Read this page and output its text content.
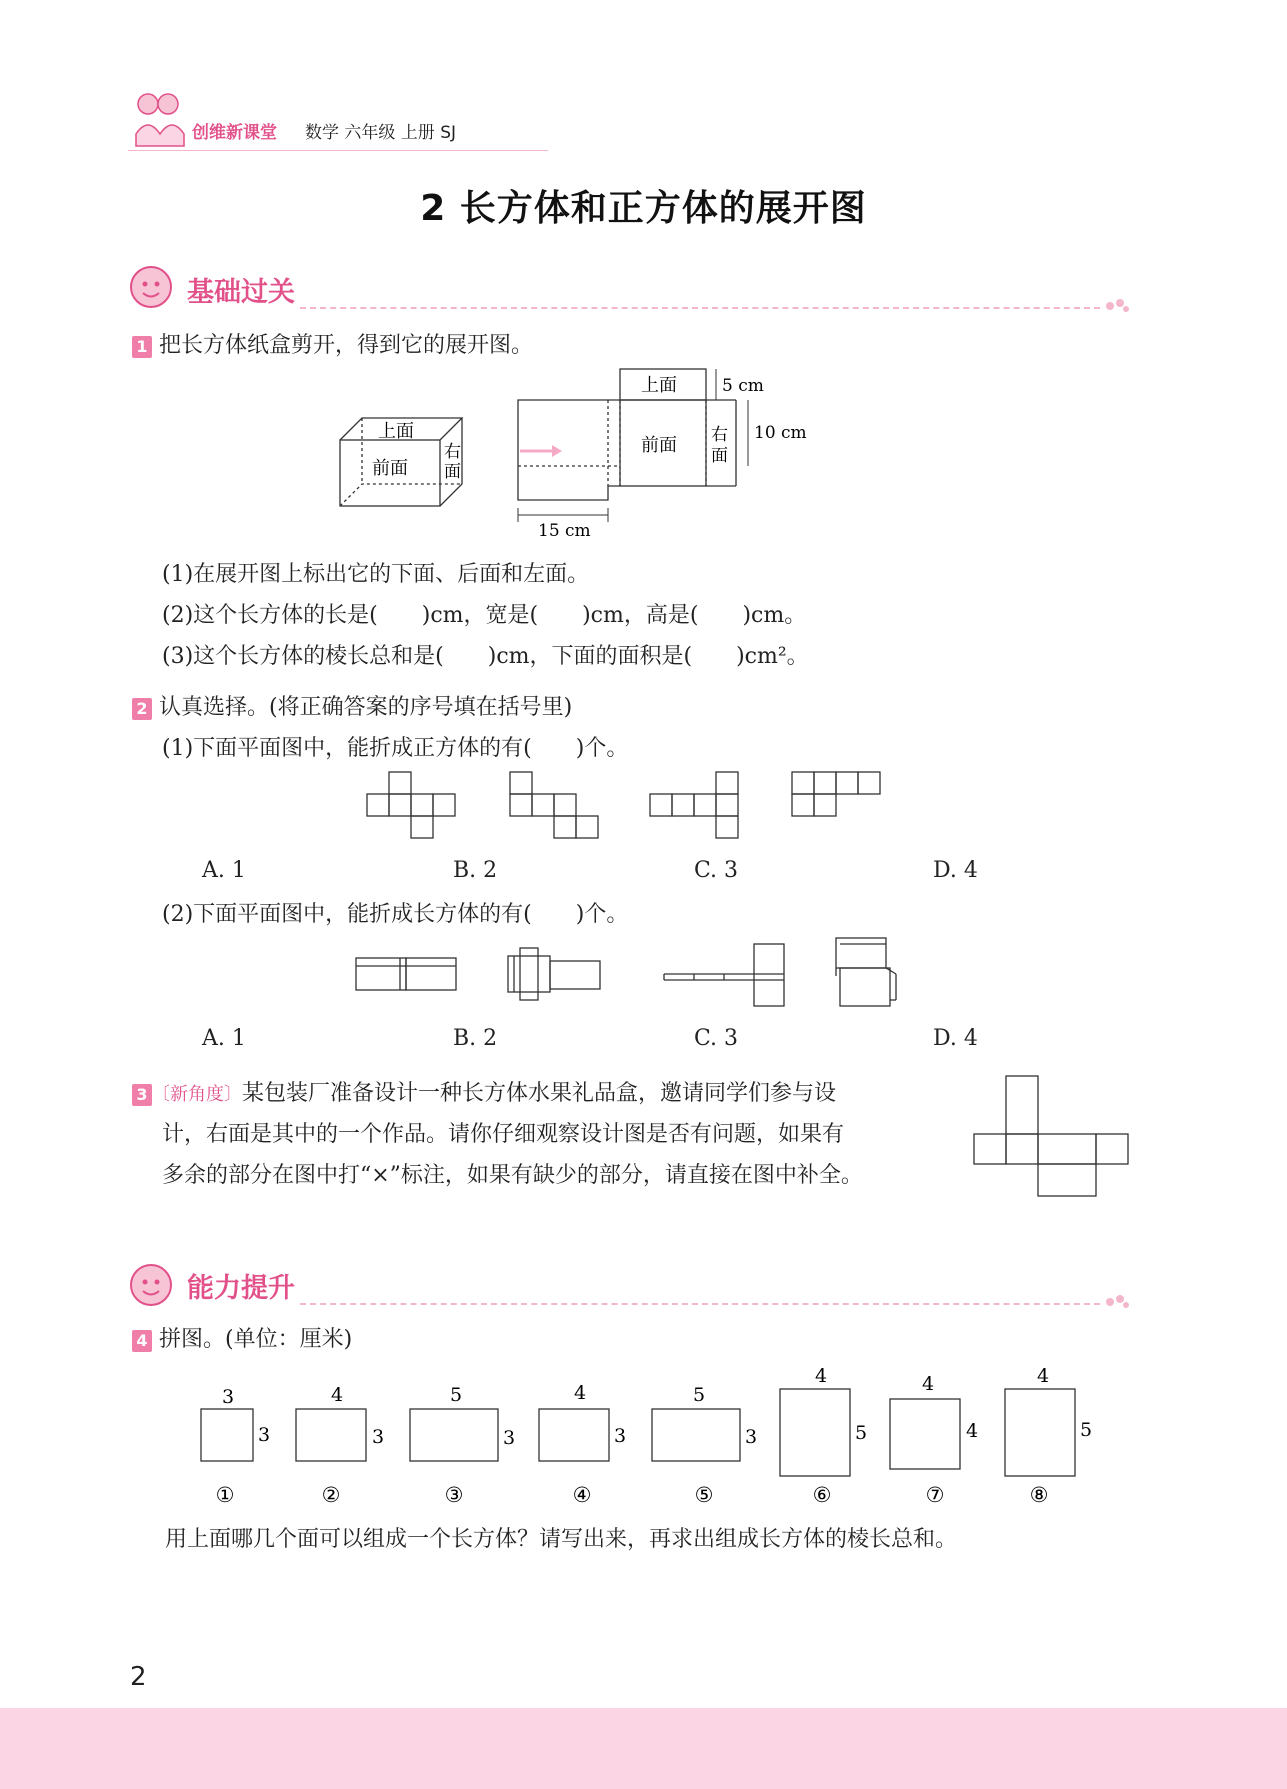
创维新课堂 数学 六年级 上册 SJ
2 长方体和正方体的展开图
基础过关
1 把长方体纸盒剪开，得到它的展开图。
上面
前面
右
面
上面
前面 右
面
5 cm
10 cm
15 cm
(1)在展开图上标出它的下面、后面和左面。
(2)这个长方体的长是(　　)cm，宽是(　　)cm，高是(　　)cm。
(3)这个长方体的棱长总和是(　　)cm，下面的面积是(　　)cm²。
2 认真选择。(将正确答案的序号填在括号里)
(1)下面平面图中，能折成正方体的有(　　)个。
A. 1	B. 2	C. 3	D. 4
(2)下面平面图中，能折成长方体的有(　　)个。
A. 1	B. 2	C. 3	D. 4
3 〔新角度〕某包装厂准备设计一种长方体水果礼品盒，邀请同学们参与设
计，右面是其中的一个作品。请你仔细观察设计图是否有问题，如果有
多余的部分在图中打“×”标注，如果有缺少的部分，请直接在图中补全。
能力提升
4 拼图。(单位：厘米)
3
3
4
3
5
3
4
3
5
3
4
5
4
4
4
5
①	②	③	④	⑤	⑥	⑦	⑧
用上面哪几个面可以组成一个长方体？请写出来，再求出组成长方体的棱长总和。
2
